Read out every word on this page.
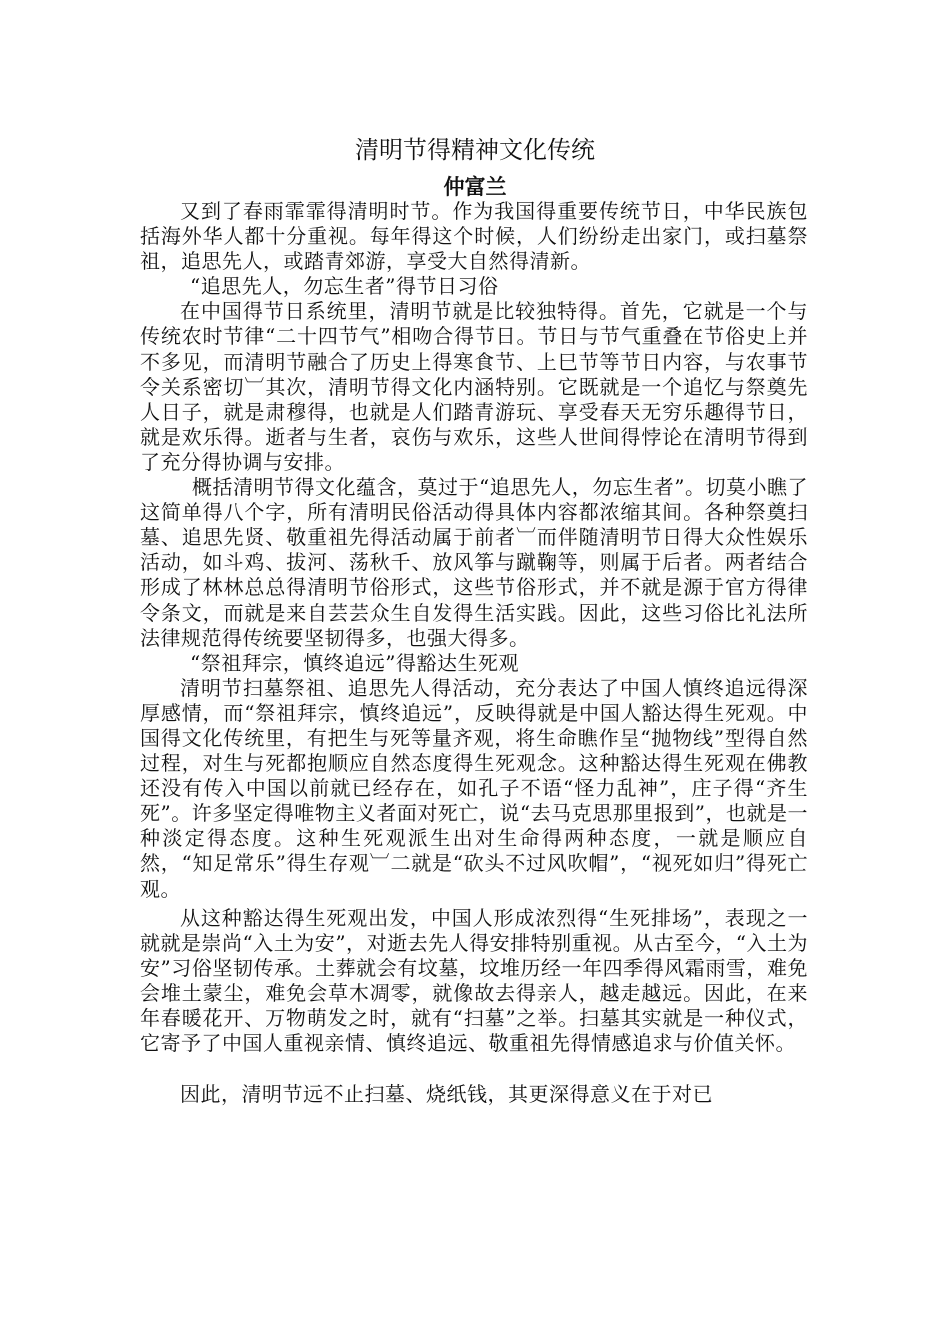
清明节得精神文化传统
仲富兰

又到了春雨霏霏得清明时节。作为我国得重要传统节日，中华民族包括海外华人都十分重视。每年得这个时候，人们纷纷走出家门，或扫墓祭祖，追思先人，或踏青郊游，享受大自然得清新。

“追思先人，勿忘生者”得节日习俗

在中国得节日系统里，清明节就是比较独特得。首先，它就是一个与传统农时节律“二十四节气”相吻合得节日。节日与节气重叠在节俗史上并不多见，而清明节融合了历史上得寒食节、上巳节等节日内容，与农事节令关系密切︺其次，清明节得文化内涵特别。它既就是一个追忆与祭奠先人日子，就是肃穆得，也就是人们踏青游玩、享受春天无穷乐趣得节日，就是欢乐得。逝者与生者，哀伤与欢乐，这些人世间得悖论在清明节得到了充分得协调与安排。

概括清明节得文化蕴含，莫过于“追思先人，勿忘生者”。切莫小瞧了这简单得八个字，所有清明民俗活动得具体内容都浓缩其间。各种祭奠扫墓、追思先贤、敬重祖先得活动属于前者︺而伴随清明节日得大众性娱乐活动，如斗鸡、拔河、荡秋千、放风筝与蹴鞠等，则属于后者。两者结合形成了林林总总得清明节俗形式，这些节俗形式，并不就是源于官方得律令条文，而就是来自芸芸众生自发得生活实践。因此，这些习俗比礼法所法律规范得传统要坚韧得多，也强大得多。

“祭祖拜宗，慎终追远”得豁达生死观

清明节扫墓祭祖、追思先人得活动，充分表达了中国人慎终追远得深厚感情，而“祭祖拜宗，慎终追远”，反映得就是中国人豁达得生死观。中国得文化传统里，有把生与死等量齐观，将生命瞧作呈“抛物线”型得自然过程，对生与死都抱顺应自然态度得生死观念。这种豁达得生死观在佛教还没有传入中国以前就已经存在，如孔子不语“怪力乱神”，庄子得“齐生死”。许多坚定得唯物主义者面对死亡，说“去马克思那里报到”，也就是一种淡定得态度。这种生死观派生出对生命得两种态度，一就是顺应自然，“知足常乐”得生存观︺二就是“砍头不过风吹帽”，“视死如归”得死亡观。

从这种豁达得生死观出发，中国人形成浓烈得“生死排场”，表现之一就就是崇尚“入土为安”，对逝去先人得安排特别重视。从古至今，“入土为安”习俗坚韧传承。土葬就会有坟墓，坟堆历经一年四季得风霜雨雪，难免会堆土蒙尘，难免会草木凋零，就像故去得亲人，越走越远。因此，在来年春暖花开、万物萌发之时，就有“扫墓”之举。扫墓其实就是一种仪式，它寄予了中国人重视亲情、慎终追远、敬重祖先得情感追求与价值关怀。

因此，清明节远不止扫墓、烧纸钱，其更深得意义在于对已
